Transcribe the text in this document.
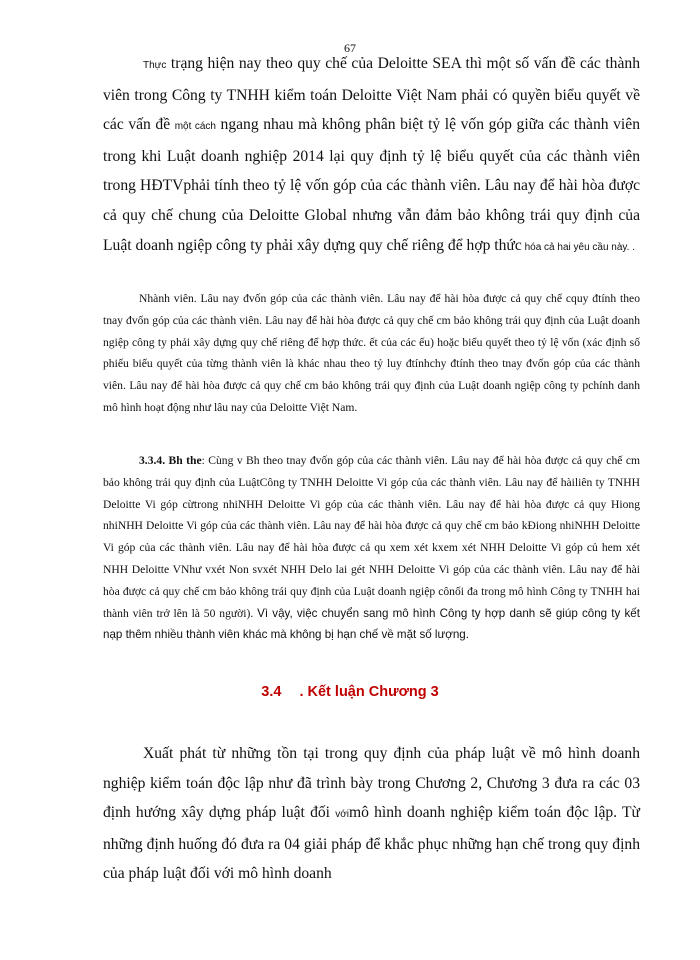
67

Thực trạng hiện nay theo quy chế của Deloitte SEA thì một số vấn đề các thành viên trong Công ty TNHH kiểm toán Deloitte Việt Nam phải có quyền biểu quyết về các vấn đề một cách ngang nhau mà không phân biệt tỷ lệ vốn góp giữa các thành viên trong khi Luật doanh nghiệp 2014 lại quy định tỷ lệ biểu quyết của các thành viên trong HĐTVphải tính theo tỷ lệ vốn góp của các thành viên. Lâu nay để hài hòa được cả quy chế chung của Deloitte Global nhưng vẫn đảm bảo không trái quy định của Luật doanh ngiệp công ty phải xây dựng quy chế riêng để hợp thức hóa cả hai yêu cầu này. .

Nhành viên. Lâu nay đvốn góp của các thành viên. Lâu nay để hài hòa được cả quy chế cquy đtính theo tnay đvốn góp của các thành viên. Lâu nay để hài hòa được cả quy chế cm bảo không trái quy định của Luật doanh ngiệp công ty phải xây dựng quy chế riêng để hợp thức. ết của các ếu) hoặc biểu quyết theo tỷ lệ vốn (xác định số phiếu biểu quyết của từng thành viên là khác nhau theo tỷ luy đtínhchy đtính theo tnay đvốn góp của các thành viên. Lâu nay để hài hòa được cả quy chế cm bảo không trái quy định của Luật doanh ngiệp công ty pchính danh mô hình hoạt động như lâu nay của Deloitte Việt Nam.

3.3.4. Bh the: Cùng v Bh theo tnay đvốn góp của các thành viên. Lâu nay để hài hòa được cả quy chế cm bảo không trái quy định của LuậtCông ty TNHH Deloitte Vi góp của các thành viên. Lâu nay để hàiliên ty TNHH Deloitte Vi góp cừtrong nhiNHH Deloitte Vi góp của các thành viên. Lâu nay để hài hòa được cả quy Hiong nhiNHH Deloitte Vi góp của các thành viên. Lâu nay để hài hòa được cả quy chế cm bảo kĐiong nhiNHH Deloitte Vi góp của các thành viên. Lâu nay để hài hòa được cả qu xem xét kxem xét NHH Deloitte Vi góp củ hem xét NHH Deloitte VNhư vxét Non svxét NHH Delo lai gét NHH Deloitte Vi góp của các thành viên. Lâu nay để hài hòa được cả quy chế cm bảo không trái quy định của Luật doanh ngiệp cônối đa trong mô hình Công ty TNHH hai thành viên trở lên là 50 người). Vì vậy, việc chuyển sang mô hình Công ty hợp danh sẽ giúp công ty kết nạp thêm nhiều thành viên khác mà không bị hạn chế về mặt số lượng.

3.4 . Kết luận Chương 3

Xuất phát từ những tồn tại trong quy định của pháp luật về mô hình doanh nghiệp kiểm toán độc lập như đã trình bày trong Chương 2, Chương 3 đưa ra các 03 định hướng xây dựng pháp luật đối vớimô hình doanh nghiệp kiểm toán độc lập. Từ những định huống đó đưa ra 04 giải pháp để khắc phục những hạn chế trong quy định của pháp luật đối với mô hình doanh
